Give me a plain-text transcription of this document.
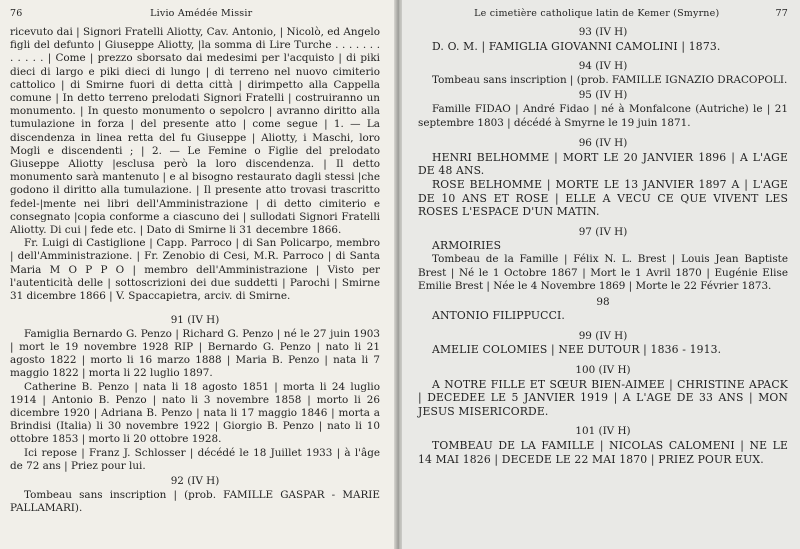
76	Livio Amédée Missir

ricevuto dai | Signori Fratelli Aliotty, Cav. Antonio, | Nicolò, ed Angelo figli del defunto | Giuseppe Aliotty, |la somma di Lire Turche . . . . . . . . . . . . | Come | prezzo sborsato dai medesimi per l'acquisto | di piki dieci di largo e piki dieci di lungo | di terreno nel nuovo cimiterio cattolico | di Smirne fuori di detta città | dirimpetto alla Cappella comune | In detto terreno prelodati Signori Fratelli | costruiranno un monumento. | In questo monumento o sepolcro | avranno diritto alla tumulazione in forza | del presente atto | come segue | 1. — La discendenza in linea retta del fu Giuseppe | Aliotty, i Maschi, loro Mogli e discendenti ; | 2. — Le Femine o Figlie del prelodato Giuseppe Aliotty |esclusa però la loro discendenza. | Il detto monumento sarà mantenuto | e al bisogno restaurato dagli stessi |che godono il diritto alla tumulazione. | Il presente atto trovasi trascritto fedel-|mente nei libri dell'Amministrazione | di detto cimiterio e consegnato |copia conforme a ciascuno dei | sullodati Signori Fratelli Aliotty. Di cui | fede etc. | Dato di Smirne li 31 decembre 1866.

Fr. Luigi di Castiglione | Capp. Parroco | di San Policarpo, membro | dell'Amministrazione. | Fr. Zenobio di Cesi, M.R. Parroco | di Santa Maria M O P P O | membro dell'Amministrazione | Visto per l'autenticità delle | sottoscrizioni dei due suddetti | Parochi | Smirne 31 dicembre 1866 | V. Spaccapietra, arciv. di Smirne.

91 (IV H)

Famiglia Bernardo G. Penzo | Richard G. Penzo | né le 27 juin 1903 | mort le 19 novembre 1928 RIP | Bernardo G. Penzo | nato li 21 agosto 1822 | morto li 16 marzo 1888 | Maria B. Penzo | nata li 7 maggio 1822 | morta li 22 luglio 1897.

Catherine B. Penzo | nata li 18 agosto 1851 | morta li 24 luglio 1914 | Antonio B. Penzo | nato li 3 novembre 1858 | morto li 26 dicembre 1920 | Adriana B. Penzo | nata li 17 maggio 1846 | morta a Brindisi (Italia) li 30 novembre 1922 | Giorgio B. Penzo | nato li 10 ottobre 1853 | morto li 20 ottobre 1928.

Ici repose | Franz J. Schlosser | décédé le 18 Juillet 1933 | à l'âge de 72 ans | Priez pour lui.

92 (IV H)

Tombeau sans inscription | (prob. FAMILLE GASPAR - MARIE PALLAMARI).

Le cimetière catholique latin de Kemer (Smyrne)	77
93 (IV H)

D. O. M. | FAMIGLIA GIOVANNI CAMOLINI | 1873.

94 (IV H)

Tombeau sans inscription | (prob. FAMILLE IGNAZIO DRACOPOLI.

95 (IV H)

Famille FIDAO | André Fidao | né à Monfalcone (Autriche) le | 21 septembre 1803 | décédé à Smyrne le 19 juin 1871.

96 (IV H)

HENRI BELHOMME | MORT LE 20 JANVIER 1896 | A L'AGE DE 48 ANS.

ROSE BELHOMME | MORTE LE 13 JANVIER 1897 A | L'AGE DE 10 ANS ET ROSE | ELLE A VECU CE QUE VIVENT LES ROSES L'ESPACE D'UN MATIN.

97 (IV H)

ARMOIRIES

Tombeau de la Famille | Félix N. L. Brest | Louis Jean Baptiste Brest | Né le 1 Octobre 1867 | Mort le 1 Avril 1870 | Eugénie Elise Emilie Brest | Née le 4 Novembre 1869 | Morte le 22 Février 1873.

98

ANTONIO FILIPPUCCI.

99 (IV H)

AMELIE COLOMIES | NEE DUTOUR | 1836 - 1913.

100 (IV H)

A NOTRE FILLE ET SŒUR BIEN-AIMEE | CHRISTINE APACK | DECEDEE LE 5 JANVIER 1919 | A L'AGE DE 33 ANS | MON JESUS MISERICORDE.

101 (IV H)

TOMBEAU DE LA FAMILLE | NICOLAS CALOMENI | NE LE 14 MAI 1826 | DECEDE LE 22 MAI 1870 | PRIEZ POUR EUX.
